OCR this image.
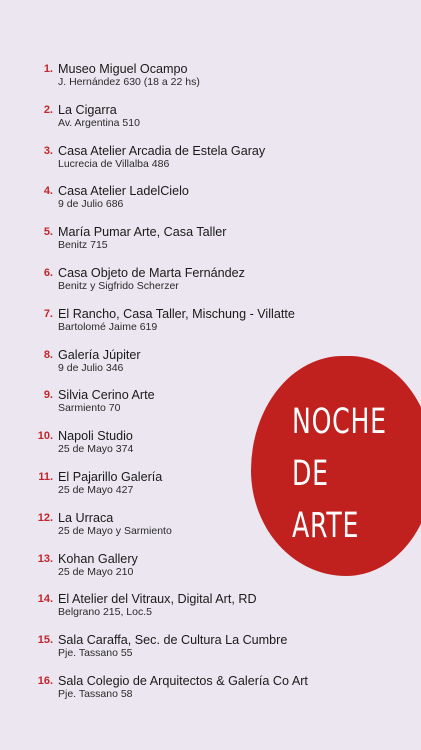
1. Museo Miguel Ocampo
J. Hernández 630 (18 a 22 hs)
2. La Cigarra
Av. Argentina 510
3. Casa Atelier Arcadia de Estela Garay
Lucrecia de Villalba 486
4. Casa Atelier LadelCielo
9 de Julio 686
5. María Pumar Arte, Casa Taller
Benitz 715
6. Casa Objeto de Marta Fernández
Benitz y Sigfrido Scherzer
7. El Rancho, Casa Taller, Mischung - Villatte
Bartolomé Jaime 619
8. Galería Júpiter
9 de Julio 346
9. Silvia Cerino Arte
Sarmiento 70
10. Napoli Studio
25 de Mayo 374
11. El Pajarillo Galería
25 de Mayo 427
12. La Urraca
25 de Mayo y Sarmiento
13. Kohan Gallery
25 de Mayo 210
14. El Atelier del Vitraux, Digital Art, RD
Belgrano 215, Loc.5
15. Sala Caraffa, Sec. de Cultura La Cumbre
Pje. Tassano 55
16. Sala Colegio de Arquitectos & Galería Co Art
Pje. Tassano 58
NOCHE
DE
ARTE
